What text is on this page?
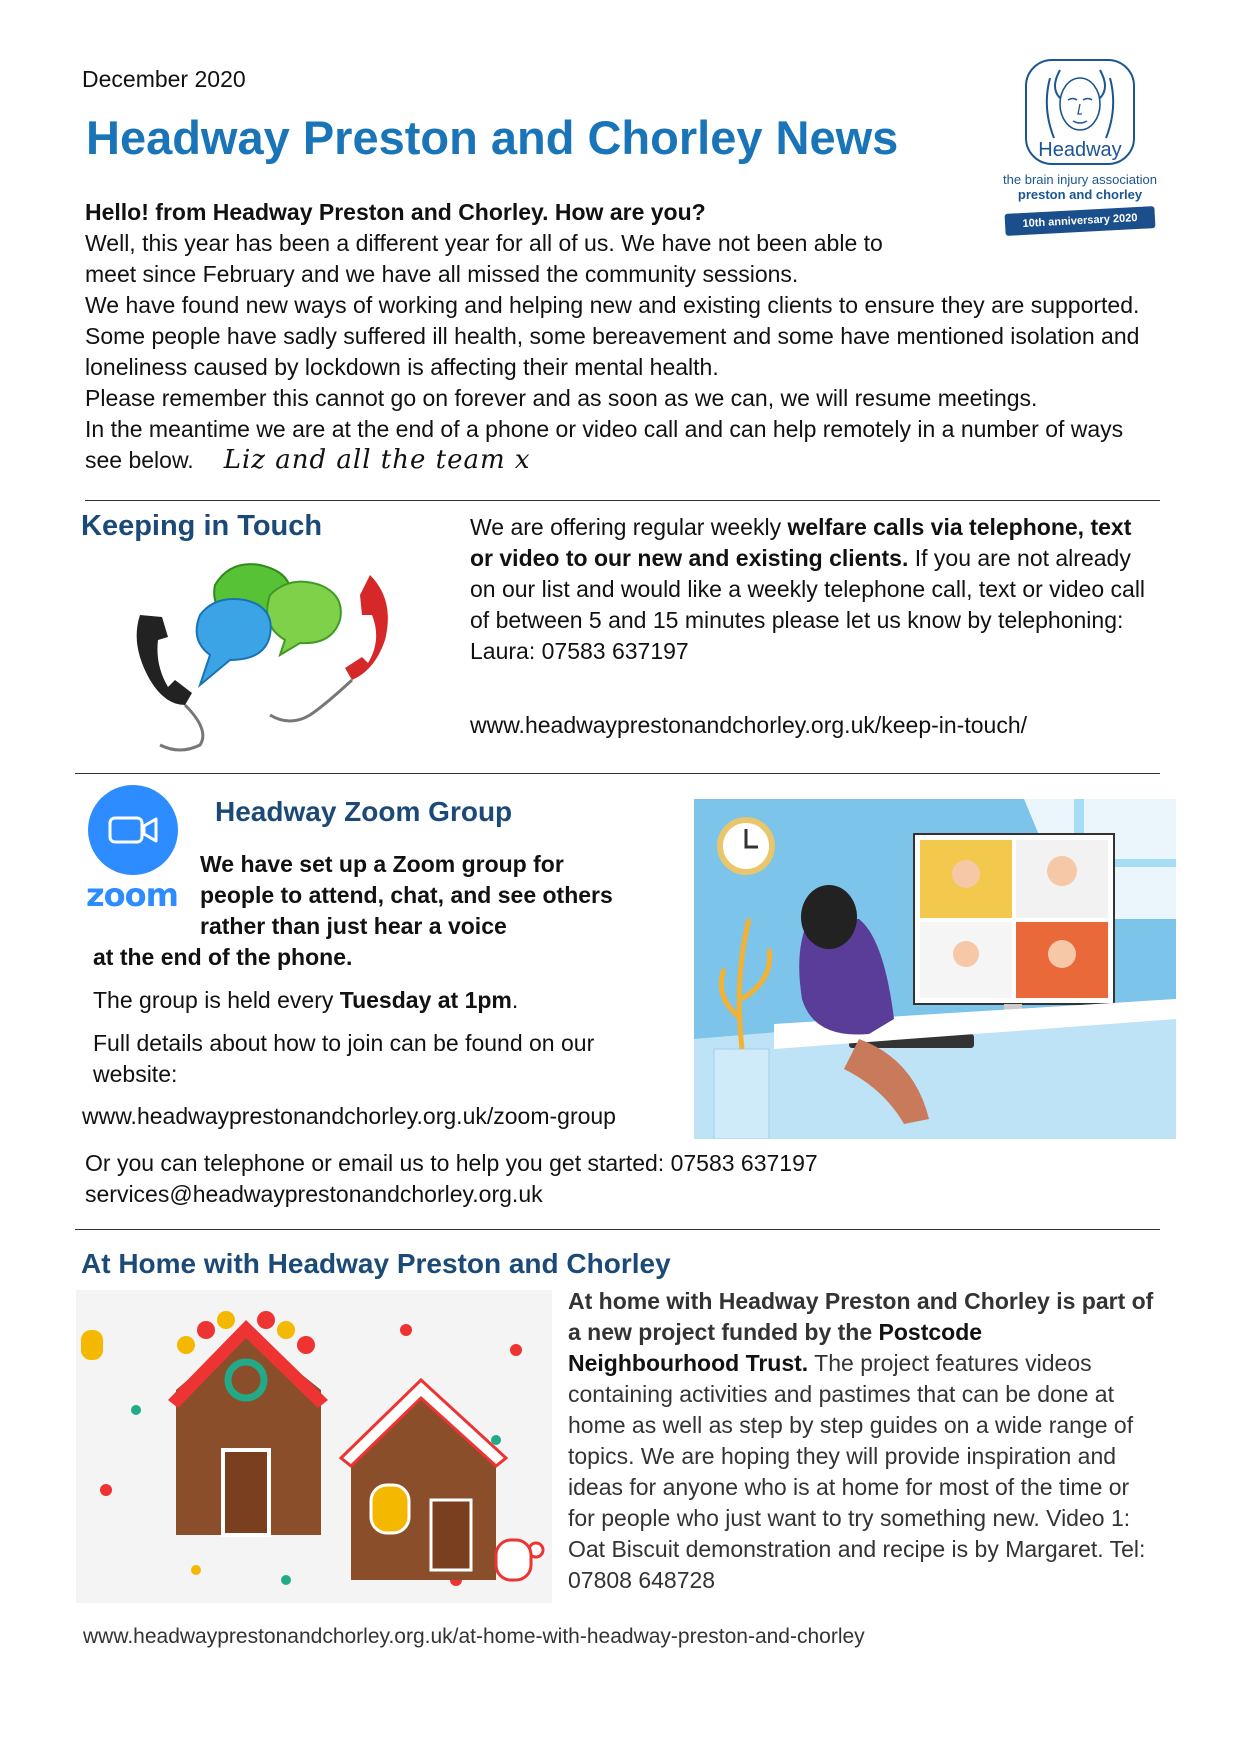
December 2020
Headway Preston and Chorley News	Headway
the brain injury association
preston and chorley
10th anniversary 2020

Hello! from Headway Preston and Chorley. How are you?

Well, this year has been a different year for all of us. We have not been able to

meet since February and we have all missed the community sessions.

We have found new ways of working and helping new and existing clients to ensure they are supported. Some people have sadly suffered ill health, some bereavement and some have mentioned isolation and loneliness caused by lockdown is affecting their mental health.

Please remember this cannot go on forever and as soon as we can, we will resume meetings.

In the meantime we are at the end of a phone or video call and can help remotely in a number of ways see below. Liz and all the team x

Keeping in Touch	We are offering regular weekly welfare calls via telephone, text or video to our new and existing clients. If you are not already on our list and would like a weekly telephone call, text or video call of between 5 and 15 minutes please let us know by telephoning:
Laura: 07583 637197
www.headwayprestonandchorley.org.uk/keep-in-touch/
zoom
Headway Zoom Group
We have set up a Zoom group for people to attend, chat, and see others rather than just hear a voice
at the end of the phone.
The group is held every Tuesday at 1pm.
Full details about how to join can be found on our website:
www.headwayprestonandchorley.org.uk/zoom-group
Or you can telephone or email us to help you get started: 07583 637197
services@headwayprestonandchorley.org.uk
At Home with Headway Preston and Chorley
At home with Headway Preston and Chorley is part of a new project funded by the Postcode Neighbourhood Trust. The project features videos containing activities and pastimes that can be done at home as well as step by step guides on a wide range of topics. We are hoping they will provide inspiration and ideas for anyone who is at home for most of the time or for people who just want to try something new. Video 1: Oat Biscuit demonstration and recipe is by Margaret. Tel: 07808 648728
www.headwayprestonandchorley.org.uk/at-home-with-headway-preston-and-chorley
